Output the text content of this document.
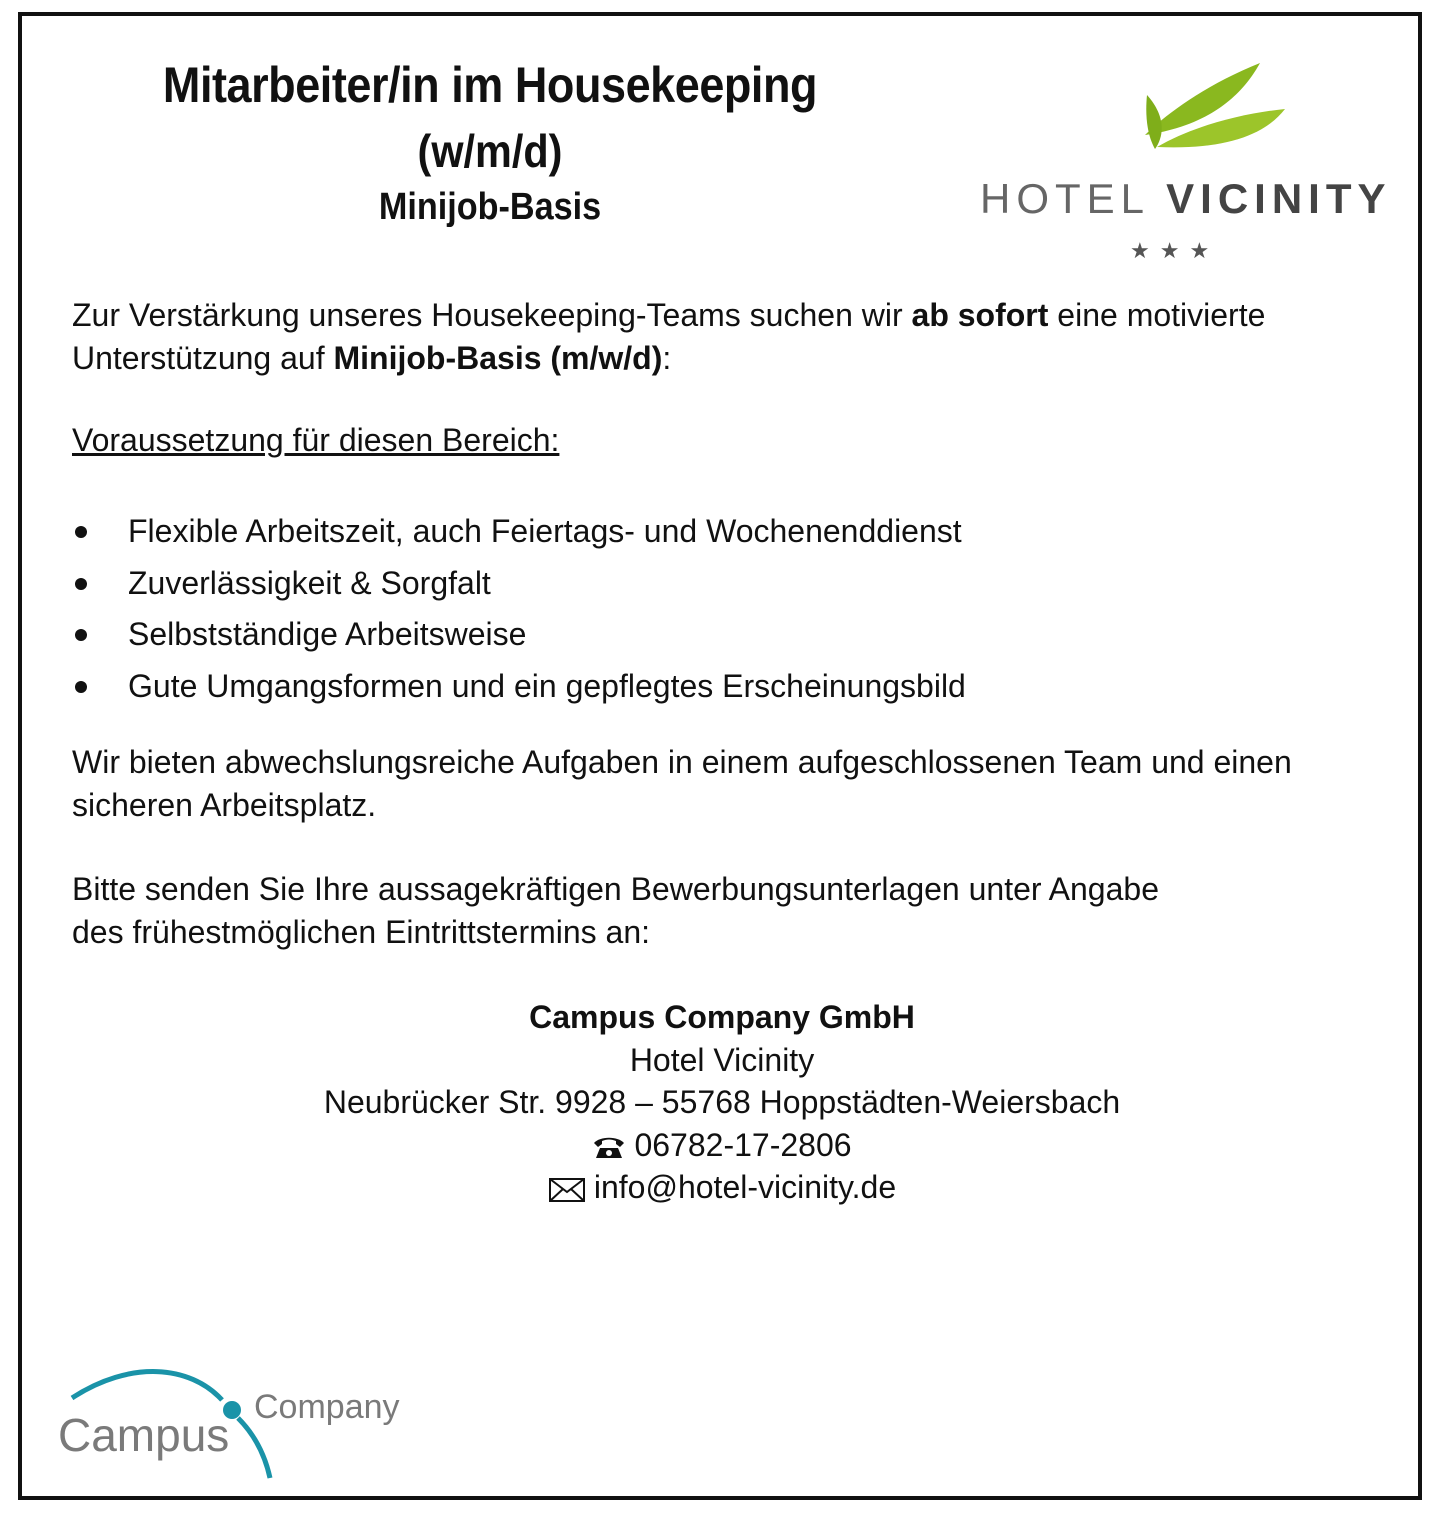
Mitarbeiter/in im Housekeeping
(w/m/d)
Minijob-Basis	HOTEL VICINITY
★★★

Zur Verstärkung unseres Housekeeping-Teams suchen wir ab sofort eine motivierte Unterstützung auf Minijob-Basis (m/w/d):

Voraussetzung für diesen Bereich:
Flexible Arbeitszeit, auch Feiertags- und Wochenenddienst
Zuverlässigkeit & Sorgfalt
Selbstständige Arbeitsweise
Gute Umgangsformen und ein gepflegtes Erscheinungsbild

Wir bieten abwechslungsreiche Aufgaben in einem aufgeschlossenen Team und einen sicheren Arbeitsplatz.

Bitte senden Sie Ihre aussagekräftigen Bewerbungsunterlagen unter Angabe des frühestmöglichen Eintrittstermins an:

Campus Company GmbH
Hotel Vicinity
Neubrücker Str. 9928 – 55768 Hoppstädten-Weiersbach
06782-17-2806
info@hotel-vicinity.de
Campus
Company
